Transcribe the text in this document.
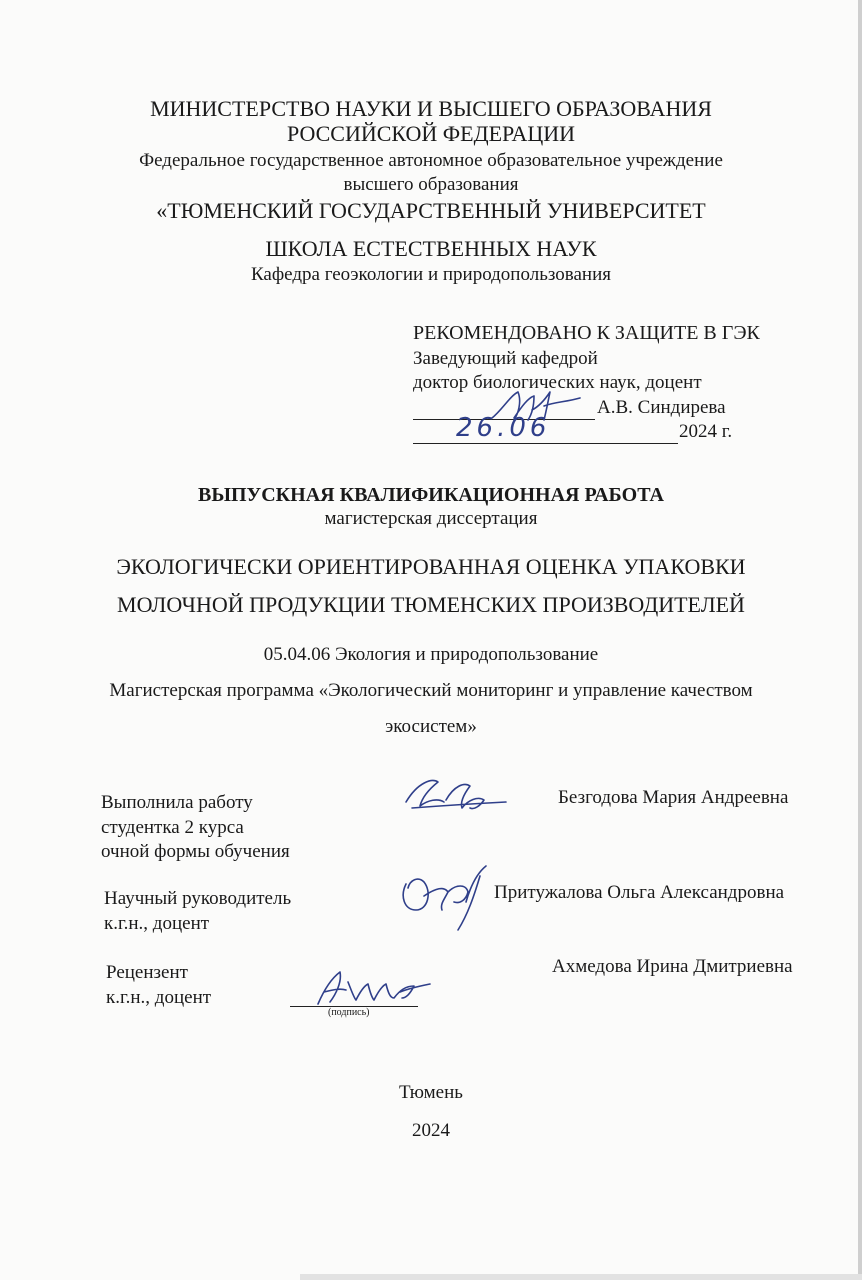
МИНИСТЕРСТВО НАУКИ И ВЫСШЕГО ОБРАЗОВАНИЯ
РОССИЙСКОЙ ФЕДЕРАЦИИ
Федеральное государственное автономное образовательное учреждение
высшего образования
«ТЮМЕНСКИЙ ГОСУДАРСТВЕННЫЙ УНИВЕРСИТЕТ
ШКОЛА ЕСТЕСТВЕННЫХ НАУК
Кафедра геоэкологии и природопользования
РЕКОМЕНДОВАНО К ЗАЩИТЕ В ГЭК
Заведующий кафедрой
доктор биологических наук, доцент
А.В. Синдирева
26.06	2024 г.
ВЫПУСКНАЯ КВАЛИФИКАЦИОННАЯ РАБОТА
магистерская диссертация
ЭКОЛОГИЧЕСКИ ОРИЕНТИРОВАННАЯ ОЦЕНКА УПАКОВКИ
МОЛОЧНОЙ ПРОДУКЦИИ ТЮМЕНСКИХ ПРОИЗВОДИТЕЛЕЙ
05.04.06 Экология и природопользование
Магистерская программа «Экологический мониторинг и управление качеством
экосистем»
Выполнила работу
студентка 2 курса
очной формы обучения
Безгодова Мария Андреевна
Научный руководитель
к.г.н., доцент
Притужалова Ольга Александровна
Рецензент
к.г.н., доцент
(подпись)
Ахмедова Ирина Дмитриевна
Тюмень
2024
